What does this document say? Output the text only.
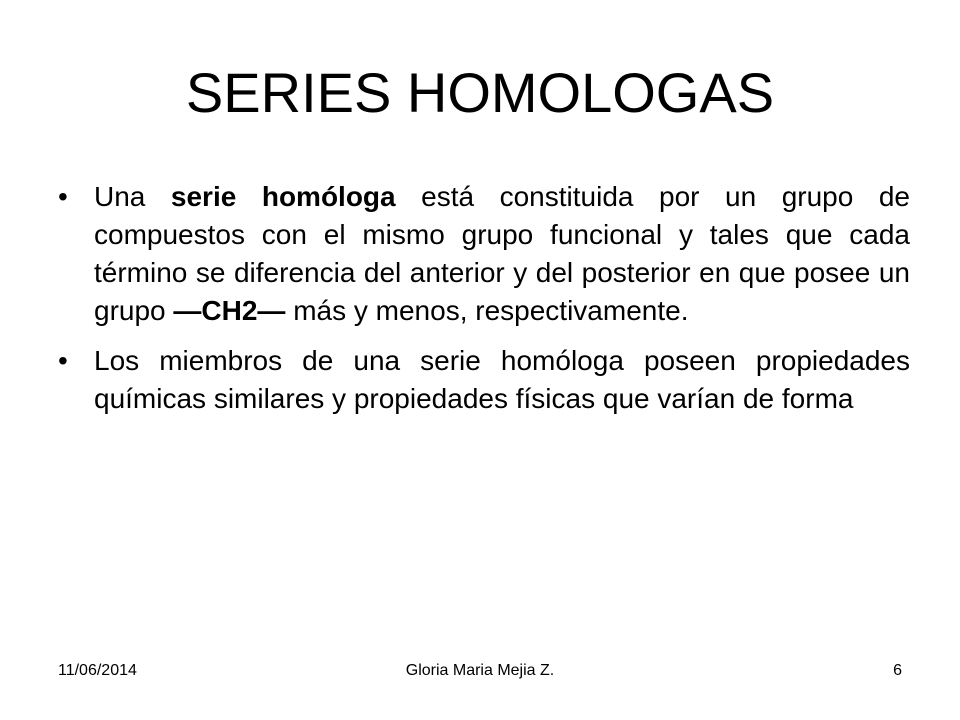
SERIES HOMOLOGAS
• Una serie homóloga está constituida por un grupo de compuestos con el mismo grupo funcional y tales que cada término se diferencia del anterior y del posterior en que posee un grupo —CH2— más y menos, respectivamente.
• Los miembros de una serie homóloga poseen propiedades químicas similares y propiedades físicas que varían de forma
Gloria Maria Mejia Z.
11/06/2014	6
